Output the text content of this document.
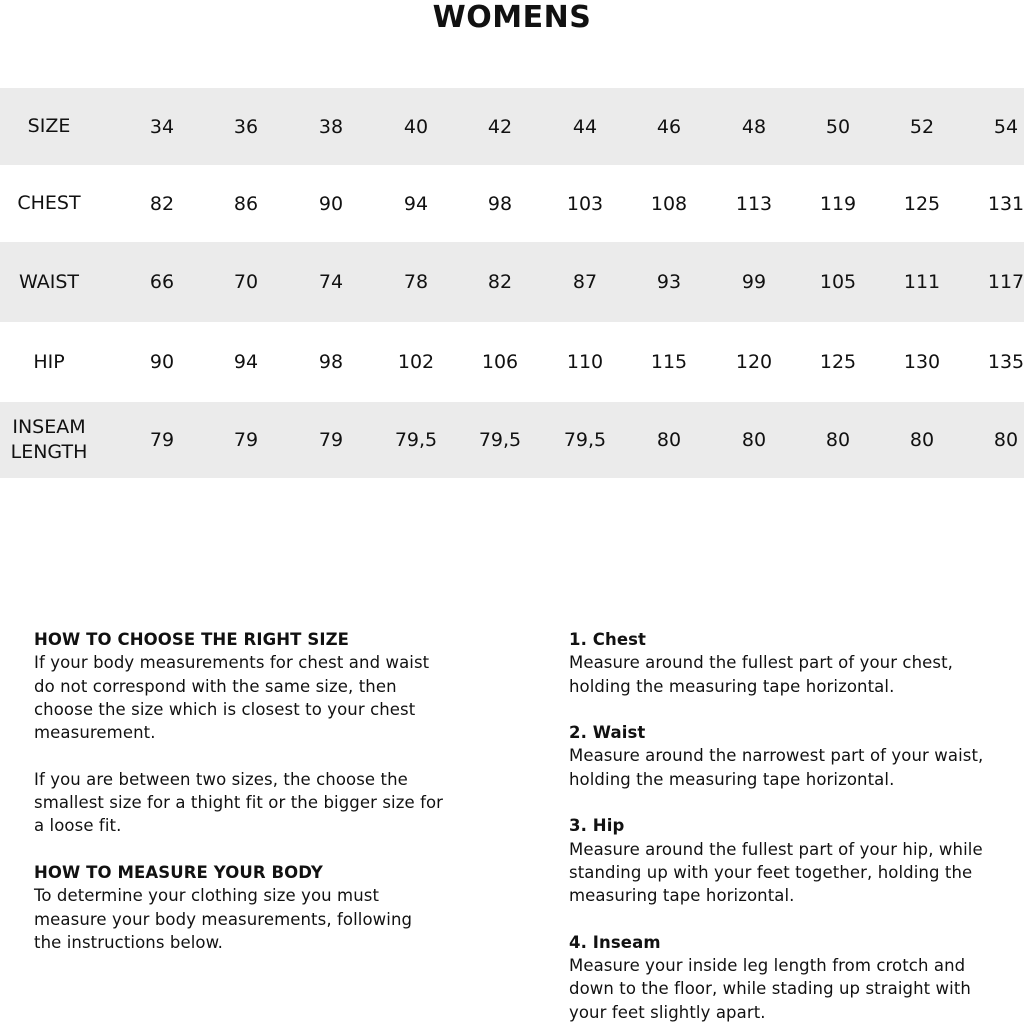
WOMENS
SIZE	34	36	38	40	42	44	46	48	50	52	54
CHEST	82	86	90	94	98	103	108	113	119	125	131
WAIST	66	70	74	78	82	87	93	99	105	111	117
HIP	90	94	98	102	106	110	115	120	125	130	135
INSEAM
LENGTH
79	79	79	79,5	79,5	79,5	80	80	80	80	80

HOW TO CHOOSE THE RIGHT SIZE

If your body measurements for chest and waist

do not correspond with the same size, then

choose the size which is closest to your chest

measurement.

If you are between two sizes, the choose the

smallest size for a thight fit or the bigger size for

a loose fit.

HOW TO MEASURE YOUR BODY

To determine your clothing size you must

measure your body measurements, following

the instructions below.

1. Chest

Measure around the fullest part of your chest,

holding the measuring tape horizontal.

2. Waist

Measure around the narrowest part of your waist,

holding the measuring tape horizontal.

3. Hip

Measure around the fullest part of your hip, while

standing up with your feet together, holding the

measuring tape horizontal.

4. Inseam

Measure your inside leg length from crotch and

down to the floor, while stading up straight with

your feet slightly apart.
